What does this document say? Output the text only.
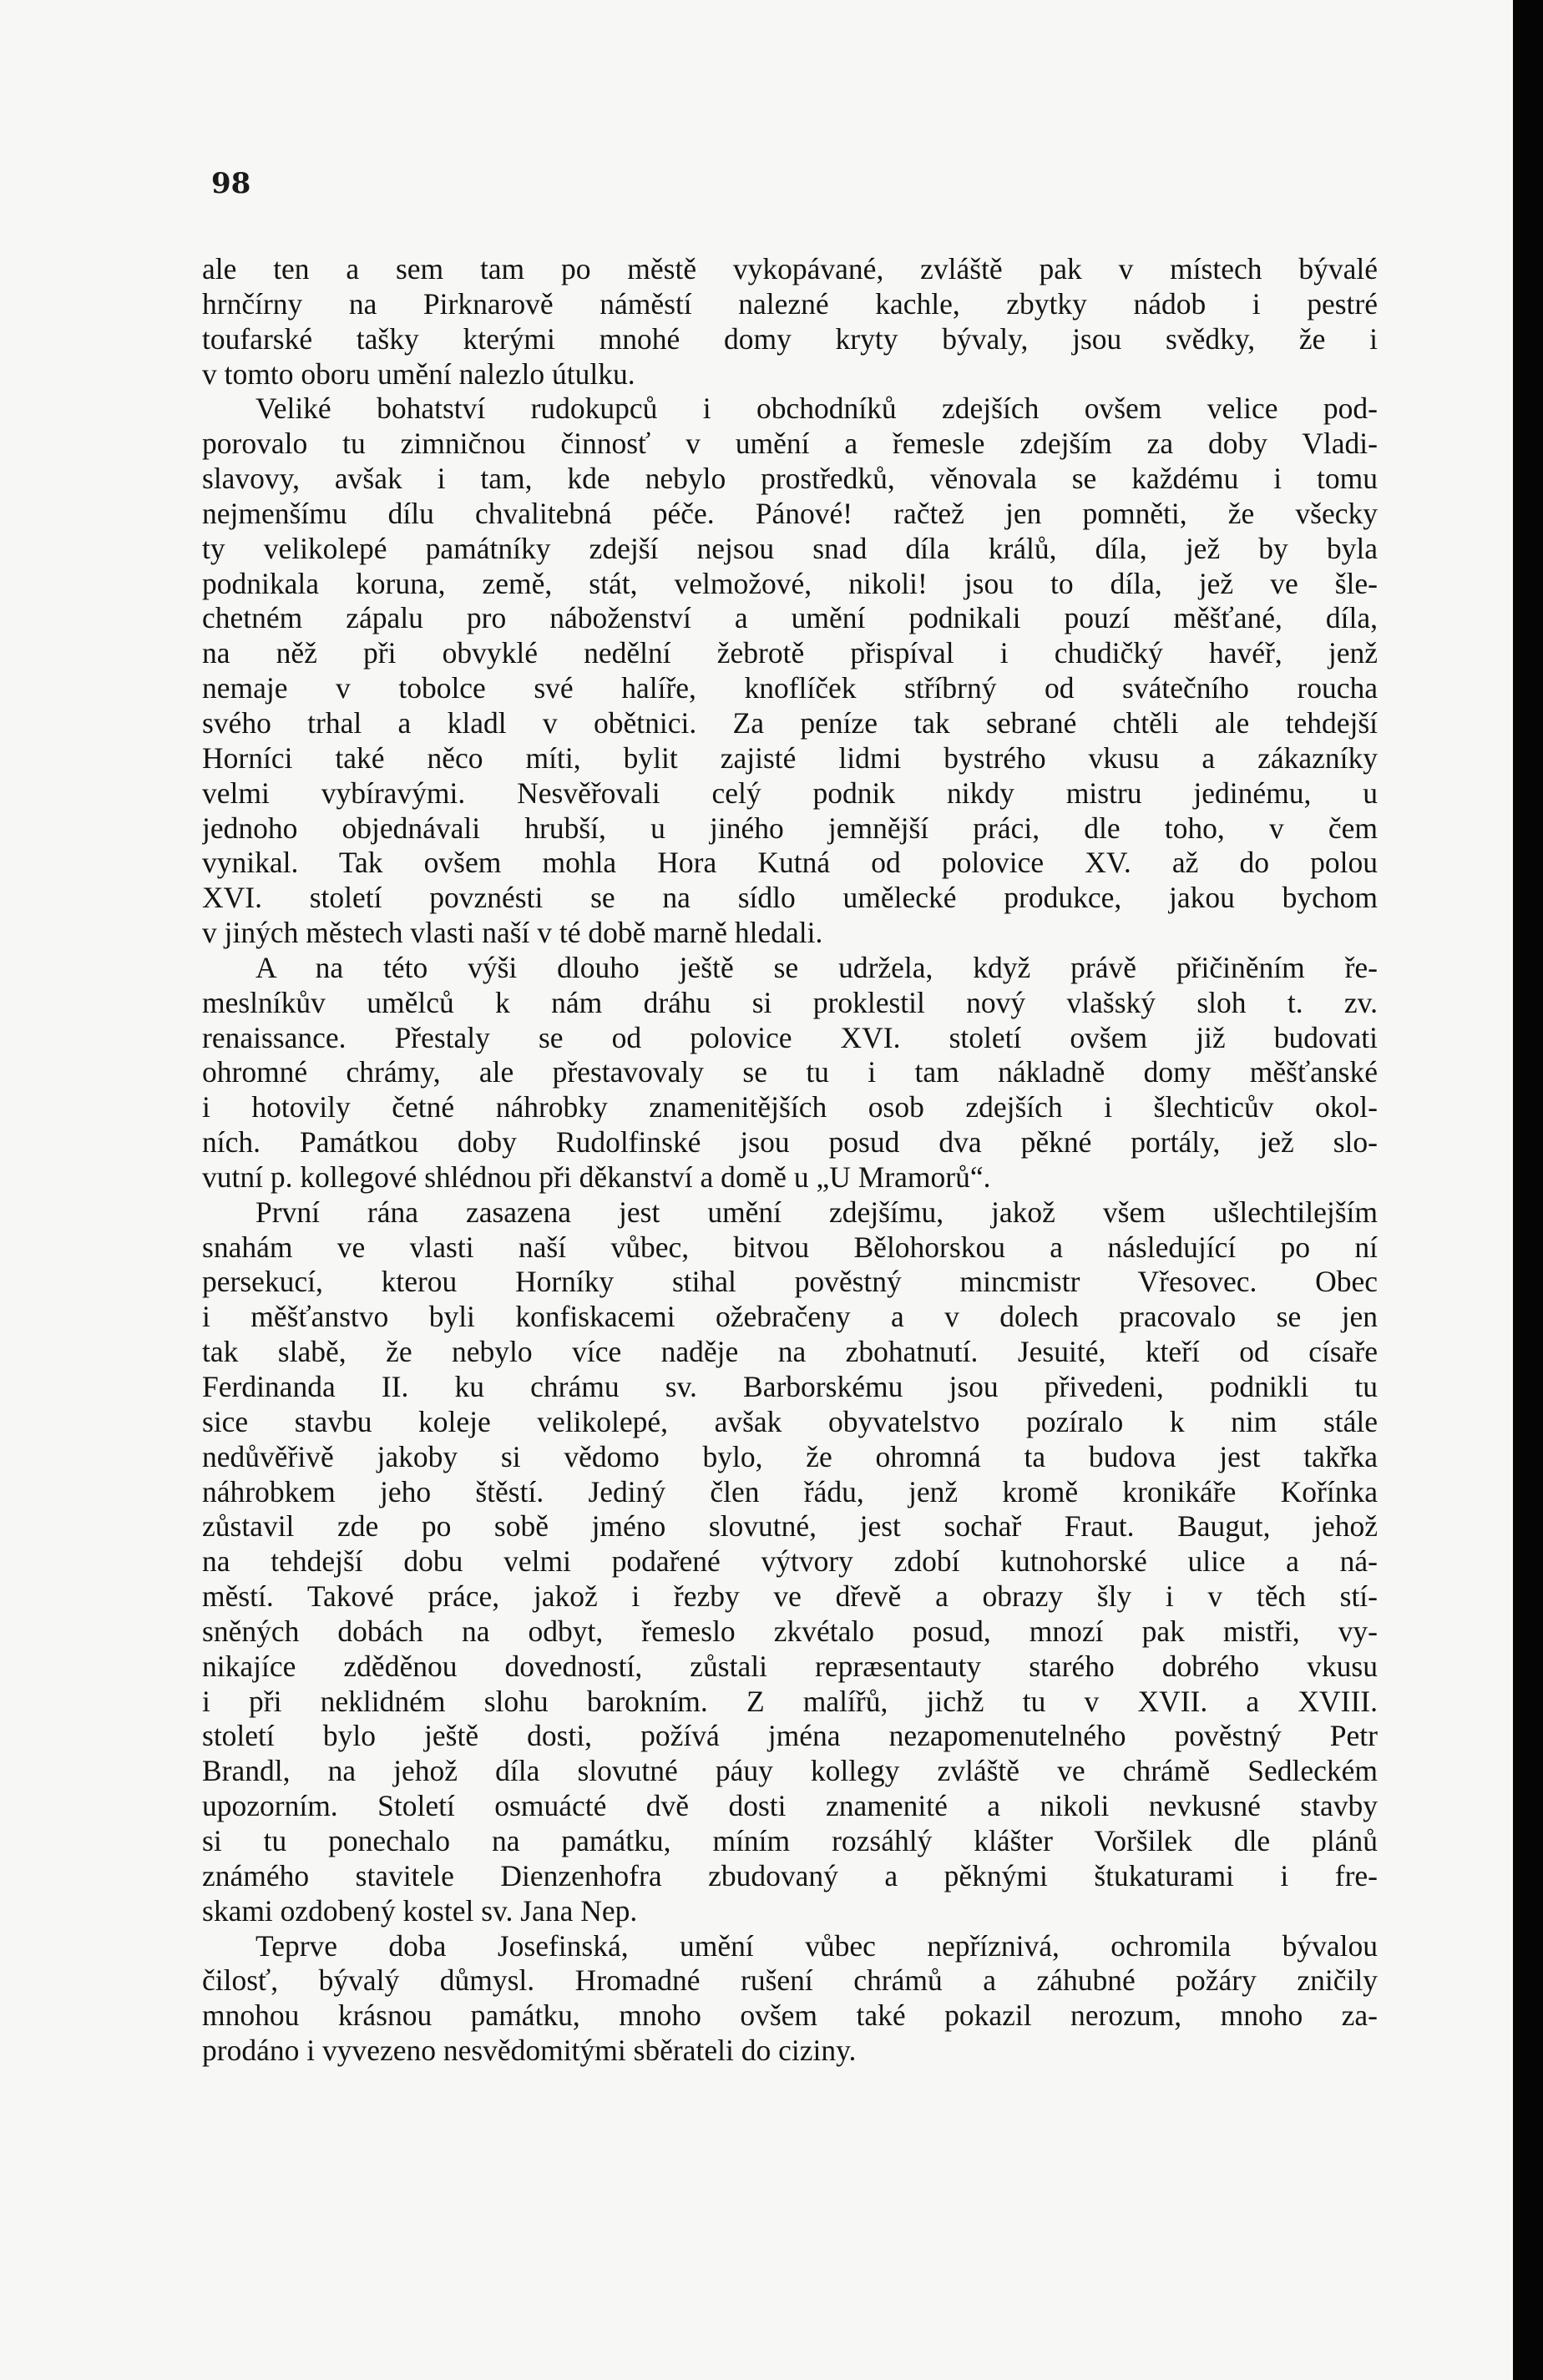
98

ale ten a sem tam po městě vykopávané, zvláště pak v místech bývalé
hrnčírny na Pirknarově náměstí nalezné kachle, zbytky nádob i pestré
toufarské tašky kterými mnohé domy kryty bývaly, jsou svědky, že i
v tomto oboru umění nalezlo útulku.
Veliké bohatství rudokupců i obchodníků zdejších ovšem velice pod-
porovalo tu zimničnou činnosť v umění a řemesle zdejším za doby Vladi-
slavovy, avšak i tam, kde nebylo prostředků, věnovala se každému i tomu
nejmenšímu dílu chvalitebná péče. Pánové! račtež jen pomněti, že všecky
ty velikolepé památníky zdejší nejsou snad díla králů, díla, jež by byla
podnikala koruna, země, stát, velmožové, nikoli! jsou to díla, jež ve šle-
chetném zápalu pro náboženství a umění podnikali pouzí měšťané, díla,
na něž při obvyklé nedělní žebrotě přispíval i chudičký havéř, jenž
nemaje v tobolce své halíře, knoflíček stříbrný od svátečního roucha
svého trhal a kladl v obětnici. Za peníze tak sebrané chtěli ale tehdejší
Horníci také něco míti, bylit zajisté lidmi bystrého vkusu a zákazníky
velmi vybíravými. Nesvěřovali celý podnik nikdy mistru jedinému, u
jednoho objednávali hrubší, u jiného jemnější práci, dle toho, v čem
vynikal. Tak ovšem mohla Hora Kutná od polovice XV. až do polou
XVI. století povznésti se na sídlo umělecké produkce, jakou bychom
v jiných městech vlasti naší v té době marně hledali.
A na této výši dlouho ještě se udržela, když právě přičiněním ře-
meslníkův umělců k nám dráhu si proklestil nový vlašský sloh t. zv.
renaissance. Přestaly se od polovice XVI. století ovšem již budovati
ohromné chrámy, ale přestavovaly se tu i tam nákladně domy měšťanské
i hotovily četné náhrobky znamenitějších osob zdejších i šlechticův okol-
ních. Památkou doby Rudolfinské jsou posud dva pěkné portály, jež slo-
vutní p. kollegové shlédnou při děkanství a domě u „U Mramorů“.
První rána zasazena jest umění zdejšímu, jakož všem ušlechtilejším
snahám ve vlasti naší vůbec, bitvou Bělohorskou a následující po ní
persekucí, kterou Horníky stihal pověstný mincmistr Vřesovec. Obec
i měšťanstvo byli konfiskacemi ožebračeny a v dolech pracovalo se jen
tak slabě, že nebylo více naděje na zbohatnutí. Jesuité, kteří od císaře
Ferdinanda II. ku chrámu sv. Barborskému jsou přivedeni, podnikli tu
sice stavbu koleje velikolepé, avšak obyvatelstvo pozíralo k nim stále
nedůvěřivě jakoby si vědomo bylo, že ohromná ta budova jest takřka
náhrobkem jeho štěstí. Jediný člen řádu, jenž kromě kronikáře Kořínka
zůstavil zde po sobě jméno slovutné, jest sochař Fraut. Baugut, jehož
na tehdejší dobu velmi podařené výtvory zdobí kutnohorské ulice a ná-
městí. Takové práce, jakož i řezby ve dřevě a obrazy šly i v těch stí-
sněných dobách na odbyt, řemeslo zkvétalo posud, mnozí pak mistři, vy-
nikajíce zděděnou dovedností, zůstali repræsentauty starého dobrého vkusu
i při neklidném slohu barokním. Z malířů, jichž tu v XVII. a XVIII.
století bylo ještě dosti, požívá jména nezapomenutelného pověstný Petr
Brandl, na jehož díla slovutné páuy kollegy zvláště ve chrámě Sedleckém
upozorním. Století osmuácté dvě dosti znamenité a nikoli nevkusné stavby
si tu ponechalo na památku, míním rozsáhlý klášter Voršilek dle plánů
známého stavitele Dienzenhofra zbudovaný a pěknými štukaturami i fre-
skami ozdobený kostel sv. Jana Nep.
Teprve doba Josefinská, umění vůbec nepříznivá, ochromila bývalou
čilosť, bývalý důmysl. Hromadné rušení chrámů a záhubné požáry zničily
mnohou krásnou památku, mnoho ovšem také pokazil nerozum, mnoho za-
prodáno i vyvezeno nesvědomitými sběrateli do ciziny.
